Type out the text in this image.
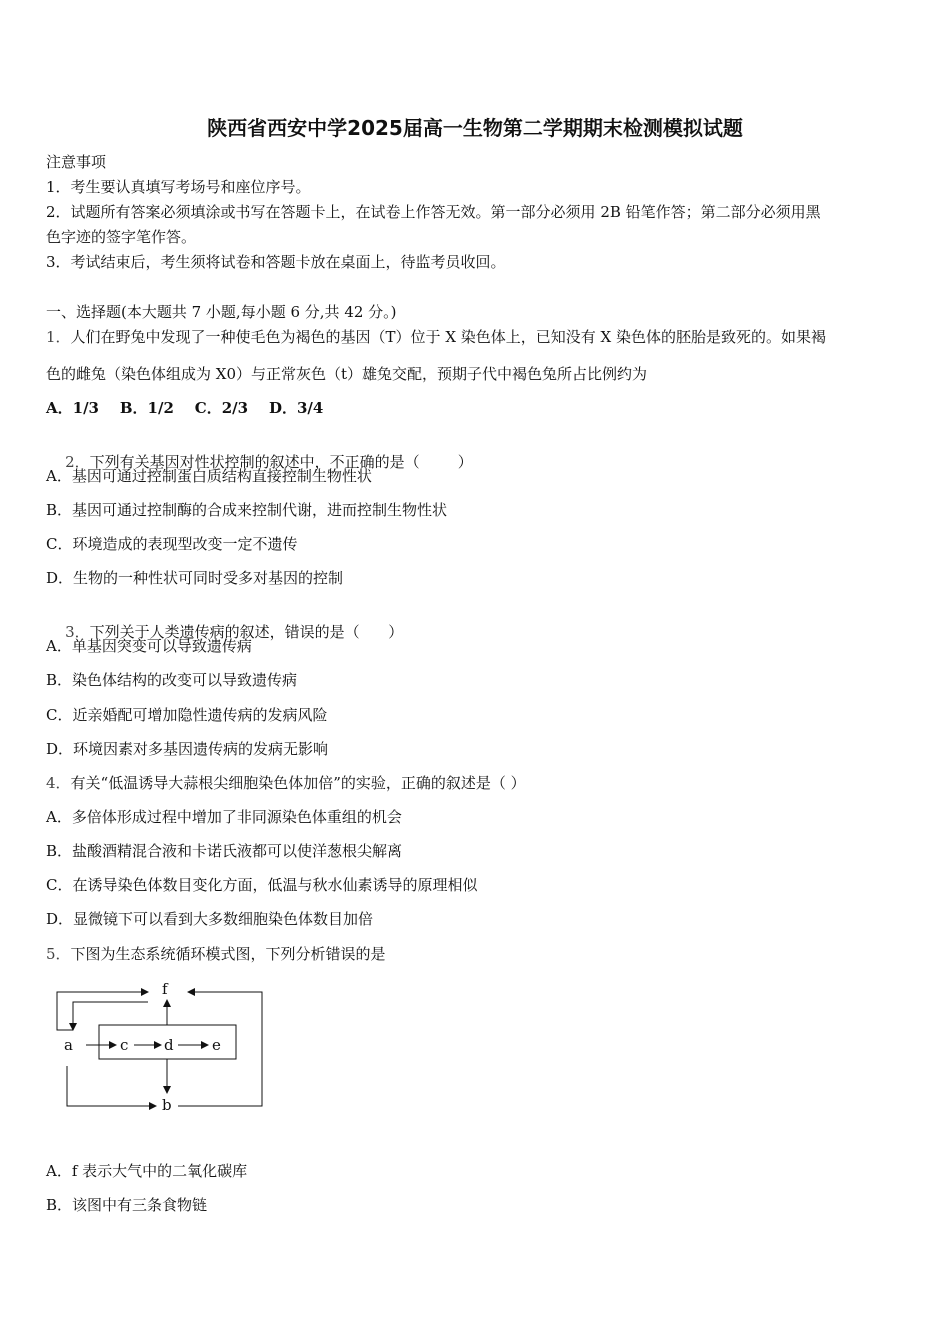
陕西省西安中学2025届高一生物第二学期期末检测模拟试题
注意事项
1．考生要认真填写考场号和座位序号。
2．试题所有答案必须填涂或书写在答题卡上，在试卷上作答无效。第一部分必须用 2B 铅笔作答；第二部分必须用黑
色字迹的签字笔作答。
3．考试结束后，考生须将试卷和答题卡放在桌面上，待监考员收回。
一、选择题(本大题共 7 小题,每小题 6 分,共 42 分。)
1．人们在野兔中发现了一种使毛色为褐色的基因（T）位于 X 染色体上，已知没有 X 染色体的胚胎是致死的。如果褐
色的雌兔（染色体组成为 X0）与正常灰色（t）雄兔交配，预期子代中褐色兔所占比例约为
A．1/3    B．1/2    C．2/3    D．3/4

2．下列有关基因对性状控制的叙述中，不正确的是（        ）

A．基因可通过控制蛋白质结构直接控制生物性状
B．基因可通过控制酶的合成来控制代谢，进而控制生物性状
C．环境造成的表现型改变一定不遗传
D．生物的一种性状可同时受多对基因的控制

3．下列关于人类遗传病的叙述，错误的是（      ）

A．单基因突变可以导致遗传病
B．染色体结构的改变可以导致遗传病
C．近亲婚配可增加隐性遗传病的发病风险
D．环境因素对多基因遗传病的发病无影响
4．有关“低温诱导大蒜根尖细胞染色体加倍”的实验，正确的叙述是（ ）
A．多倍体形成过程中增加了非同源染色体重组的机会
B．盐酸酒精混合液和卡诺氏液都可以使洋葱根尖解离
C．在诱导染色体数目变化方面，低温与秋水仙素诱导的原理相似
D．显微镜下可以看到大多数细胞染色体数目加倍
5．下图为生态系统循环模式图，下列分析错误的是
f
a	c d	e
b
A．f 表示大气中的二氧化碳库
B．该图中有三条食物链
